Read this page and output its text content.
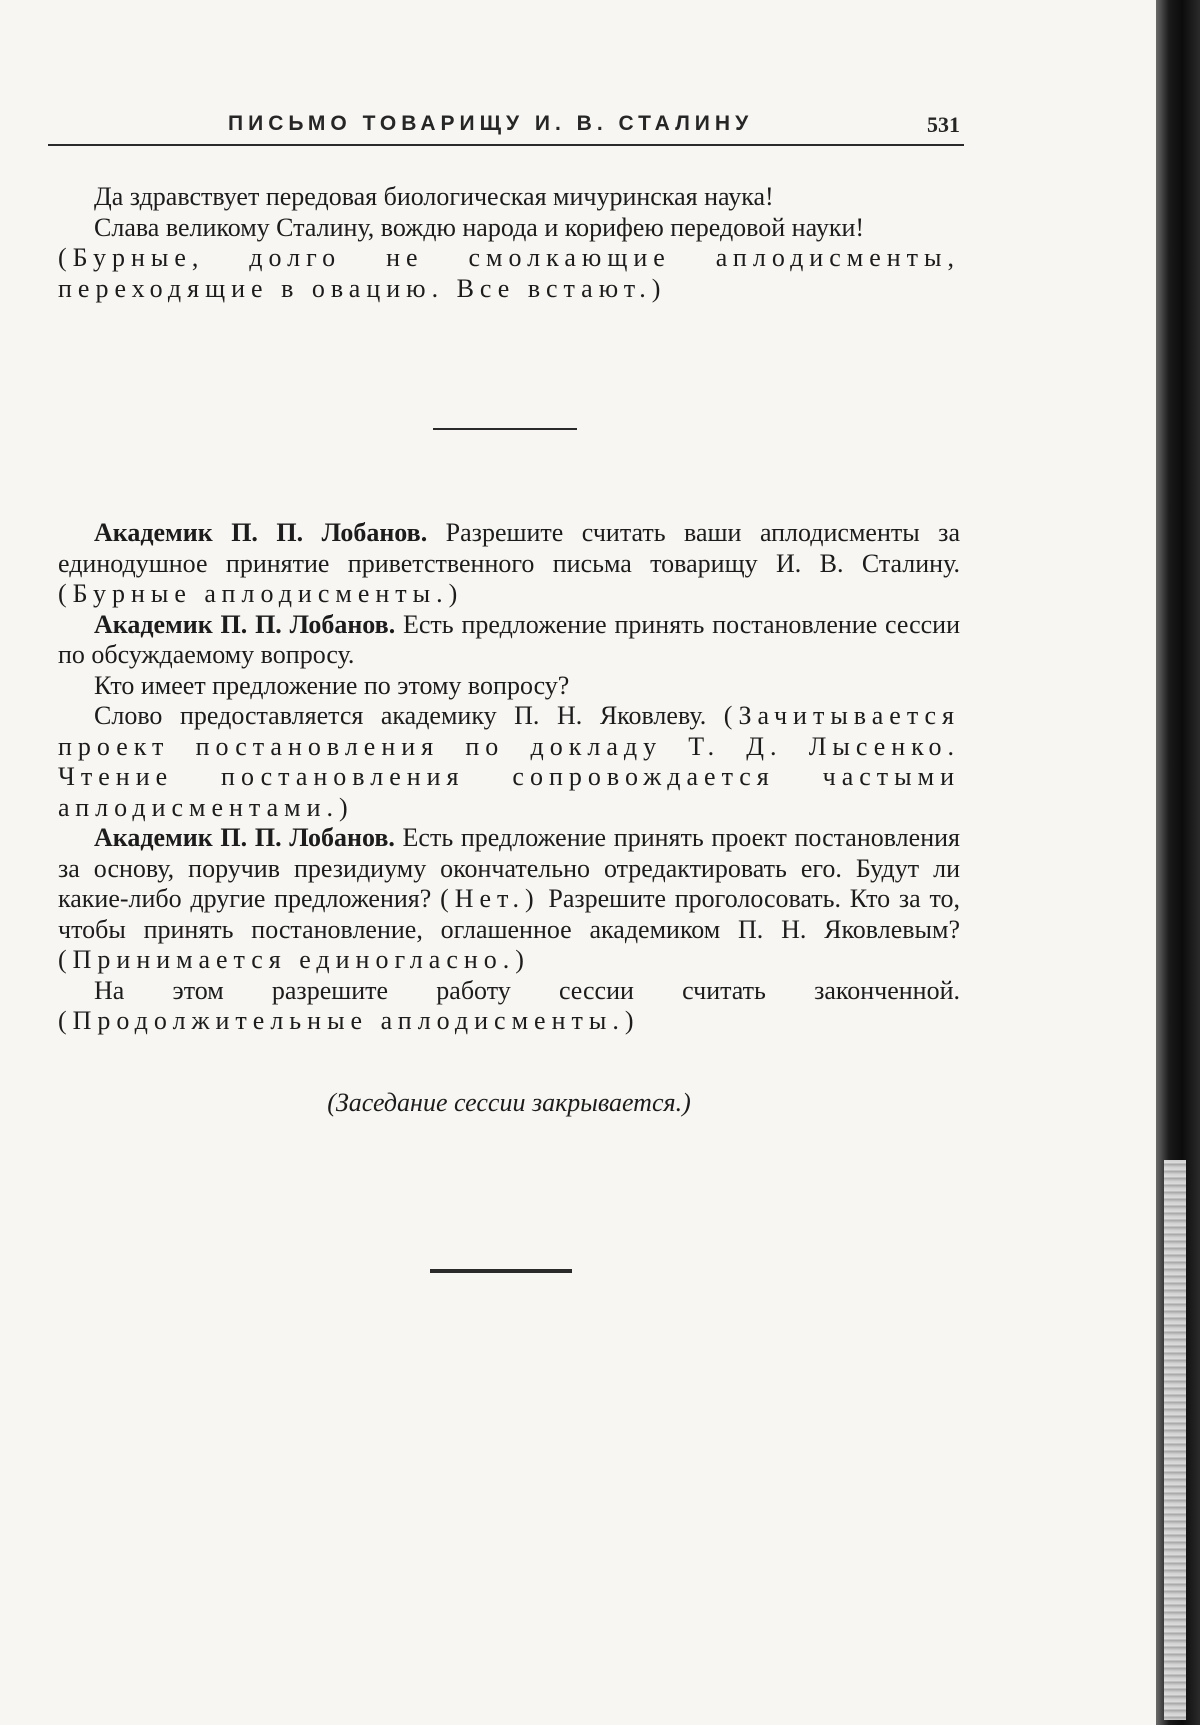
ПИСЬМО ТОВАРИЩУ И. В. СТАЛИНУ	531

Да здравствует передовая биологическая мичуринская наука!

Слава великому Сталину, вождю народа и корифею передовой науки!

(Бурные, долго не смолкающие аплодисменты, переходящие в овацию. Все встают.)

Академик П. П. Лобанов. Разрешите считать ваши аплодисменты за единодушное принятие приветственного письма товарищу И. В. Сталину. (Бурные аплодисменты.)

Академик П. П. Лобанов. Есть предложение принять постановление сессии по обсуждаемому вопросу.

Кто имеет предложение по этому вопросу?

Слово предоставляется академику П. Н. Яковлеву. (Зачитывается проект постановления по докладу Т. Д. Лысенко. Чтение постановления сопровождается частыми аплодисментами.)

Академик П. П. Лобанов. Есть предложение принять проект постановления за основу, поручив президиуму окончательно отредактировать его. Будут ли какие-либо другие предложения? (Нет.) Разрешите проголосовать. Кто за то, чтобы принять постановление, оглашенное академиком П. Н. Яковлевым? (Принимается единогласно.)

На этом разрешите работу сессии считать законченной. (Продолжительные аплодисменты.)

(Заседание сессии закрывается.)
